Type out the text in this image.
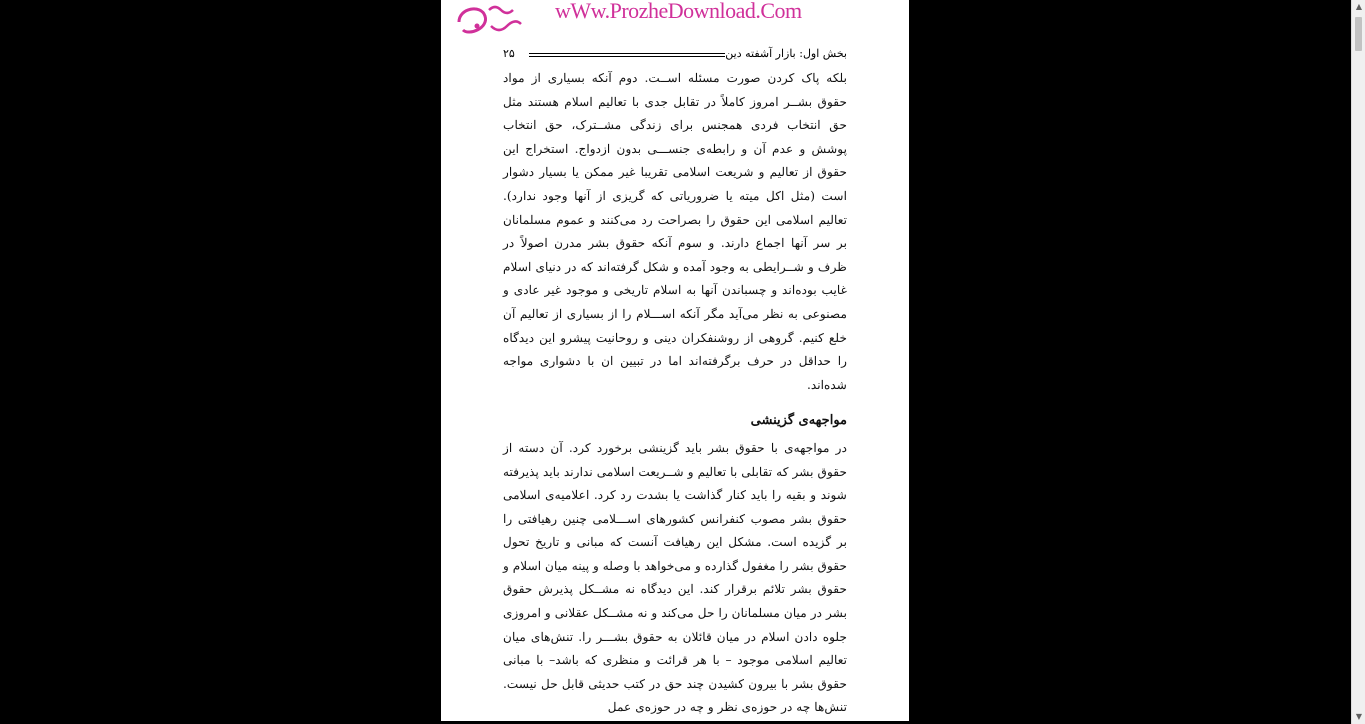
wWw.ProzheDownload.Com
بخش اول: بازار آشفته دین
۲۵

بلکه پاک کردن صورت مسئله اســت. دوم آنکه بسیاری از مواد حقوق بشــر امروز کاملاً در تقابل جدی با تعالیم اسلام هستند مثل حق انتخاب فردی همجنس برای زندگی مشــترک، حق انتخاب پوشش و عدم آن و رابطه‌ی جنســـی بدون ازدواج. استخراج این حقوق از تعالیم و شریعت اسلامی تقریبا غیر ممکن یا بسیار دشوار است (مثل اکل میته یا ضروریاتی که گریزی از آنها وجود ندارد). تعالیم اسلامی این حقوق را بصراحت رد می‌کنند و عموم مسلمانان بر سر آنها اجماع دارند. و سوم آنکه حقوق بشر مدرن اصولاً در ظرف و شــرایطی به وجود آمده و شکل گرفته‌اند که در دنیای اسلام غایب بوده‌اند و چسباندن آنها به اسلام تاریخی و موجود غیر عادی و مصنوعی به نظر می‌آید مگر آنکه اســـلام را از بسیاری از تعالیم آن خلع کنیم. گروهی از روشنفکران دینی و روحانیت پیشرو این دیدگاه را حداقل در حرف برگرفته‌اند اما در تبیین ان با دشواری مواجه شده‌اند.

مواجهه‌ی گزینشی

در مواجهه‌ی با حقوق بشر باید گزینشی برخورد کرد. آن دسته از حقوق بشر که تقابلی با تعالیم و شــریعت اسلامی ندارند باید پذیرفته شوند و بقیه را باید کنار گذاشت یا بشدت رد کرد. اعلامیه‌ی اسلامی حقوق بشر مصوب کنفرانس کشورهای اســـلامی چنین رهیافتی را بر گزیده است. مشکل این رهیافت آنست که مبانی و تاریخ تحول حقوق بشر را مغفول گذارده و می‌خواهد با وصله و پینه میان اسلام و حقوق بشر تلائم برقرار کند. این دیدگاه نه مشــکل پذیرش حقوق بشر در میان مسلمانان را حل می‌کند و نه مشــکل عقلانی و امروزی جلوه دادن اسلام در میان قائلان به حقوق بشـــر را. تنش‌های میان تعالیم اسلامی موجود – با هر قرائت و منظری که باشد– با مبانی حقوق بشر با بیرون کشیدن چند حق در کتب حدیثی قابل حل نیست. تنش‌ها چه در حوزه‌ی نظر و چه در حوزه‌ی عمل

▲
▼
